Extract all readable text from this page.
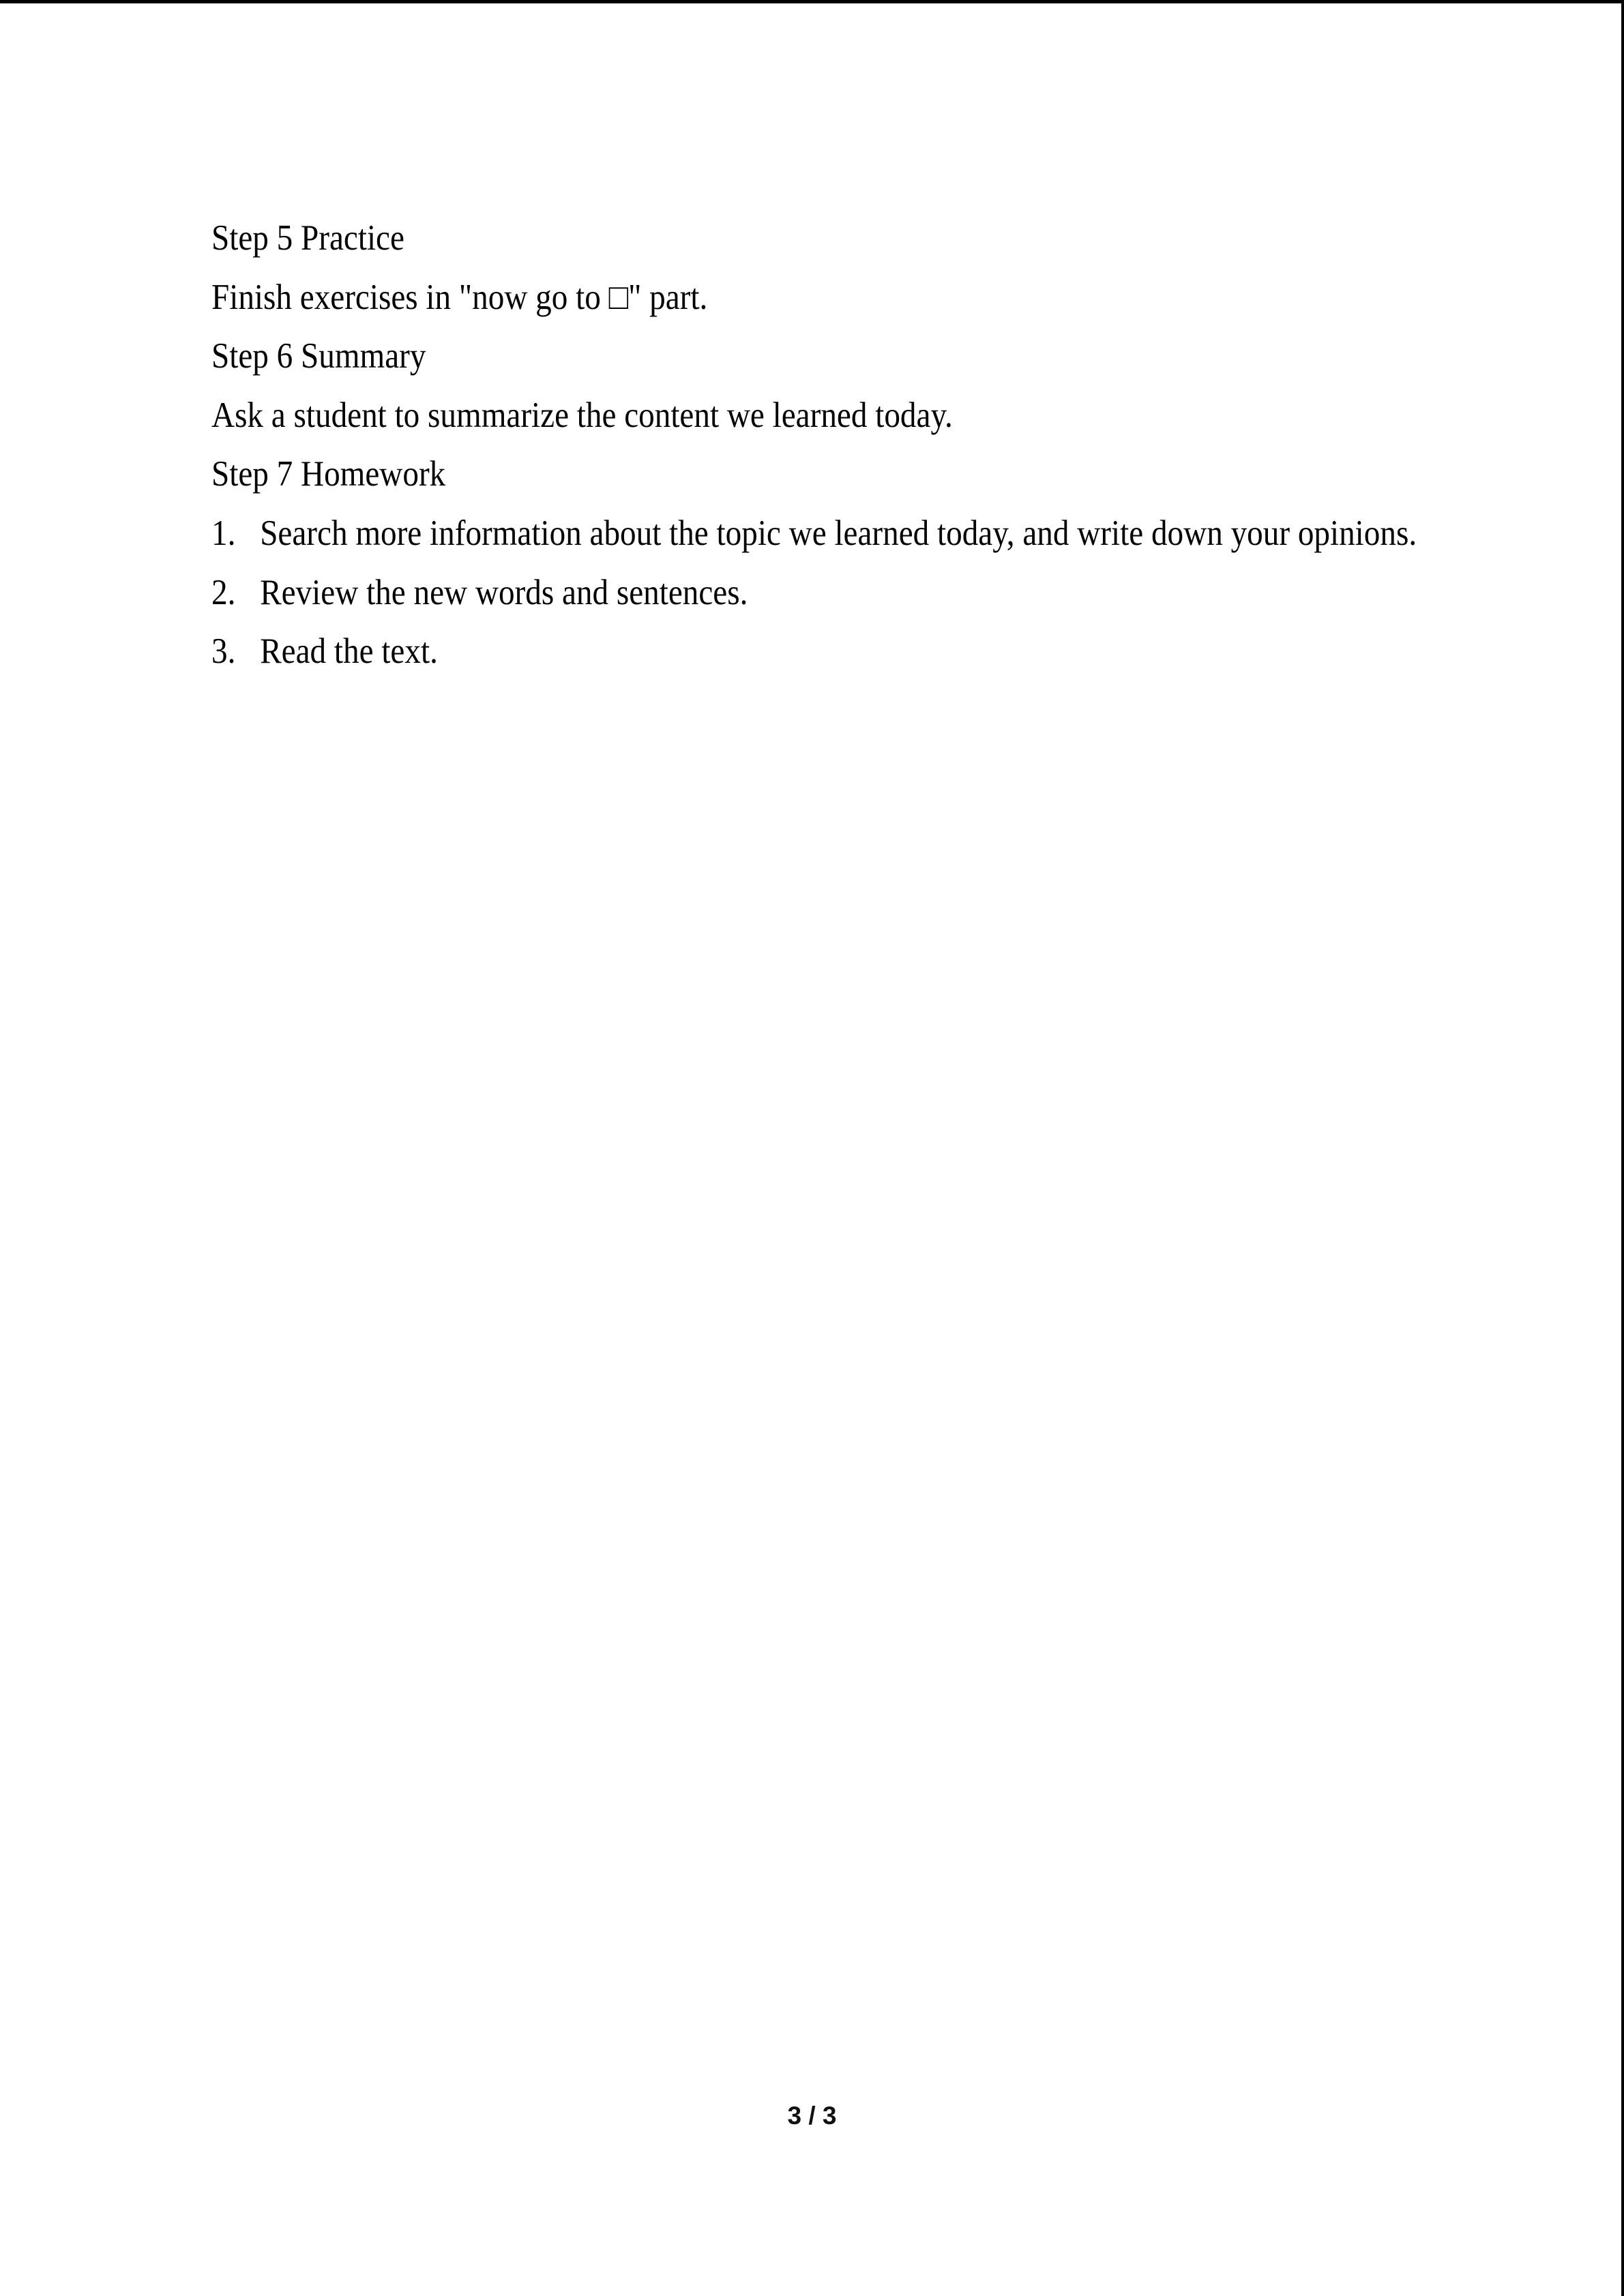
Step 5 Practice

Finish exercises in "now go to □" part.

Step 6 Summary

Ask a student to summarize the content we learned today.

Step 7 Homework

1. Search more information about the topic we learned today, and write down your opinions.

2. Review the new words and sentences.

3. Read the text.

3 / 3
